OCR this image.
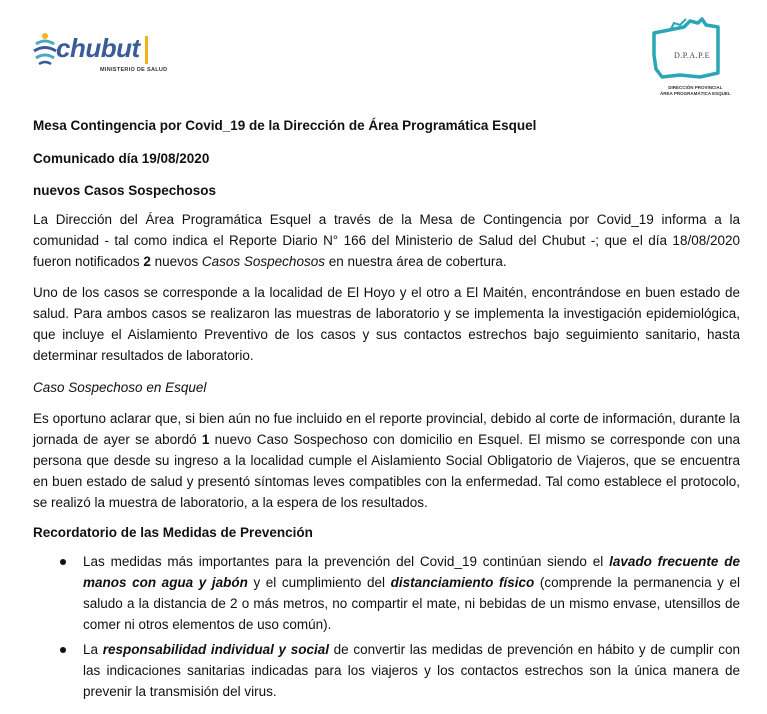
chubut
MINISTERIO DE SALUD
D.P.A.P.E
DIRECCIÓN PROVINCIAL
ÁREA PROGRAMÁTICA ESQUEL

Mesa Contingencia por Covid_19 de la Dirección de Área Programática Esquel

Comunicado día 19/08/2020

nuevos Casos Sospechosos

La Dirección del Área Programática Esquel a través de la Mesa de Contingencia por Covid_19 informa a la comunidad - tal como indica el Reporte Diario N° 166 del Ministerio de Salud del Chubut -; que el día 18/08/2020 fueron notificados 2 nuevos Casos Sospechosos en nuestra área de cobertura.

Uno de los casos se corresponde a la localidad de El Hoyo y el otro a El Maitén, encontrándose en buen estado de salud. Para ambos casos se realizaron las muestras de laboratorio y se implementa la investigación epidemiológica, que incluye el Aislamiento Preventivo de los casos y sus contactos estrechos bajo seguimiento sanitario, hasta determinar resultados de laboratorio.

Caso Sospechoso en Esquel

Es oportuno aclarar que, si bien aún no fue incluido en el reporte provincial, debido al corte de información, durante la jornada de ayer se abordó 1 nuevo Caso Sospechoso con domicilio en Esquel. El mismo se corresponde con una persona que desde su ingreso a la localidad cumple el Aislamiento Social Obligatorio de Viajeros, que se encuentra en buen estado de salud y presentó síntomas leves compatibles con la enfermedad. Tal como establece el protocolo, se realizó la muestra de laboratorio, a la espera de los resultados.

Recordatorio de las Medidas de Prevención

Las medidas más importantes para la prevención del Covid_19 continúan siendo el lavado frecuente de manos con agua y jabón y el cumplimiento del distanciamiento físico (comprende la permanencia y el saludo a la distancia de 2 o más metros, no compartir el mate, ni bebidas de un mismo envase, utensillos de comer ni otros elementos de uso común).
La responsabilidad individual y social de convertir las medidas de prevención en hábito y de cumplir con las indicaciones sanitarias indicadas para los viajeros y los contactos estrechos son la única manera de prevenir la transmisión del virus.
